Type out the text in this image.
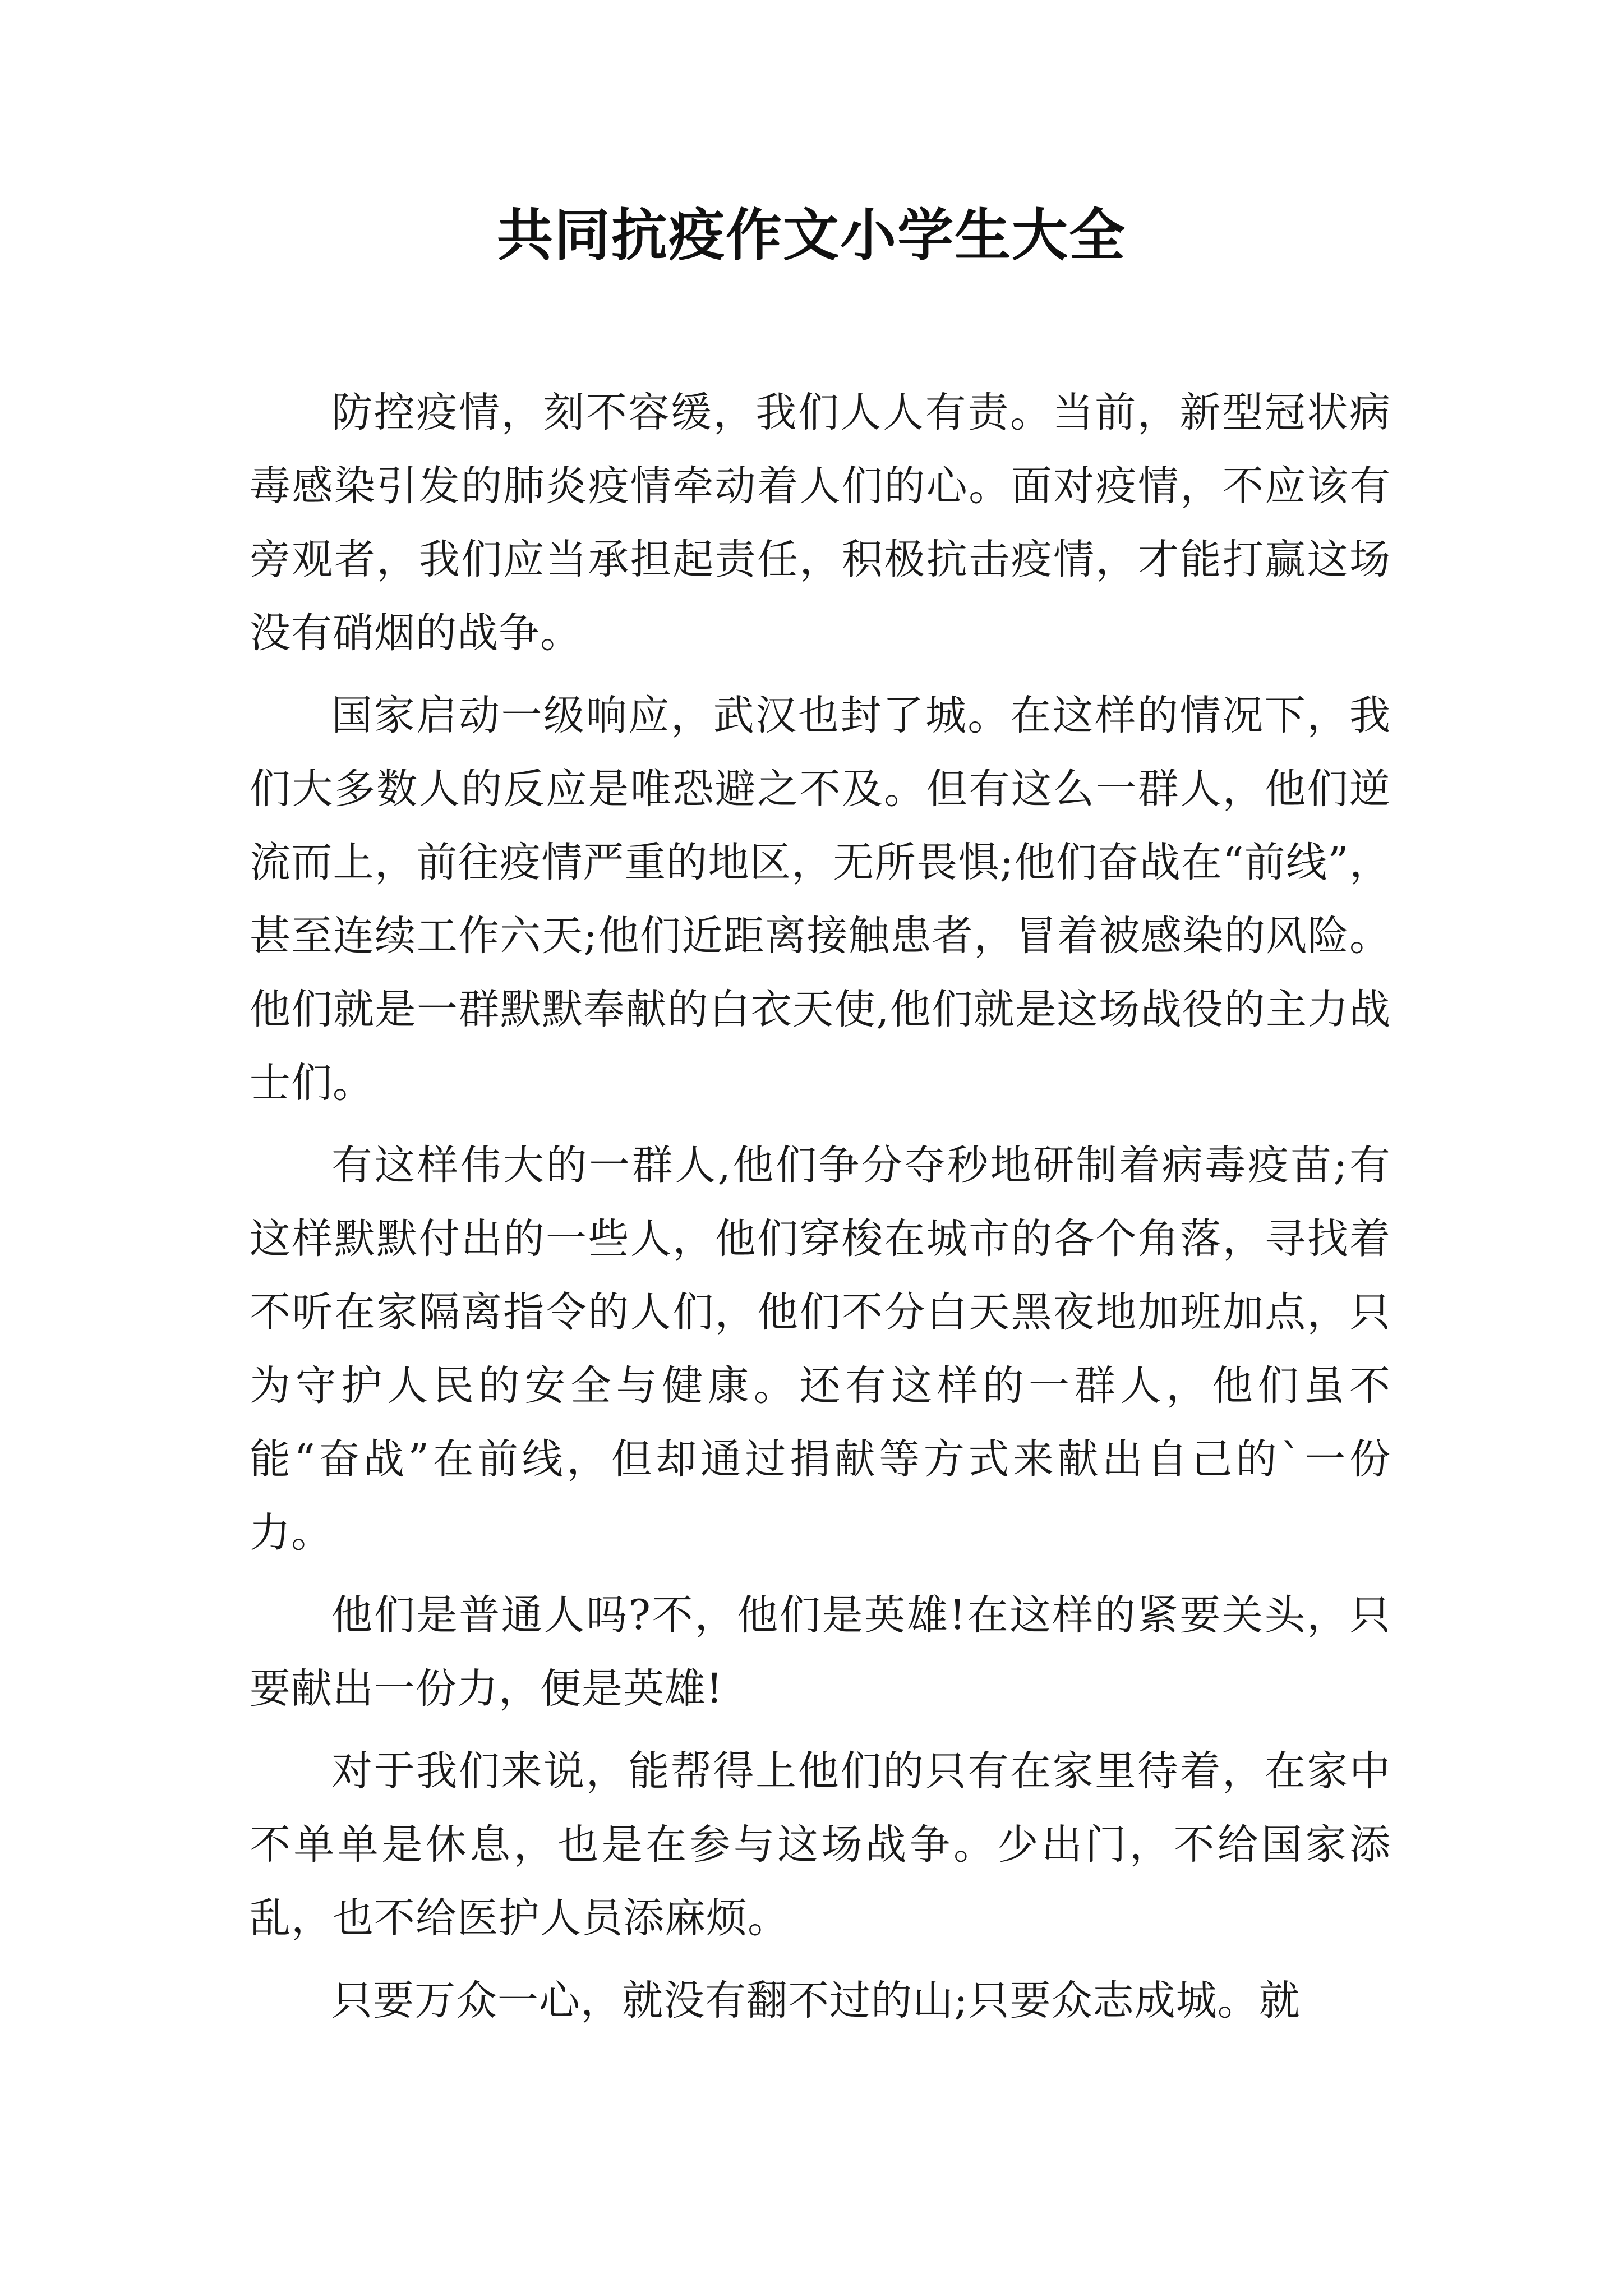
共同抗疫作文小学生大全

防控疫情，刻不容缓，我们人人有责。当前，新型冠状病毒感染引发的肺炎疫情牵动着人们的心。面对疫情，不应该有旁观者，我们应当承担起责任，积极抗击疫情，才能打赢这场没有硝烟的战争。

国家启动一级响应，武汉也封了城。在这样的情况下，我们大多数人的反应是唯恐避之不及。但有这么一群人，他们逆流而上，前往疫情严重的地区，无所畏惧;他们奋战在“前线”，甚至连续工作六天;他们近距离接触患者，冒着被感染的风险。他们就是一群默默奉献的白衣天使,他们就是这场战役的主力战士们。

有这样伟大的一群人,他们争分夺秒地研制着病毒疫苗;有这样默默付出的一些人，他们穿梭在城市的各个角落，寻找着不听在家隔离指令的人们，他们不分白天黑夜地加班加点，只为守护人民的安全与健康。还有这样的一群人，他们虽不能“奋战”在前线，但却通过捐献等方式来献出自己的`一份力。

他们是普通人吗?不，他们是英雄!在这样的紧要关头，只要献出一份力，便是英雄!

对于我们来说，能帮得上他们的只有在家里待着，在家中不单单是休息，也是在参与这场战争。少出门，不给国家添乱，也不给医护人员添麻烦。

只要万众一心，就没有翻不过的山;只要众志成城。就
